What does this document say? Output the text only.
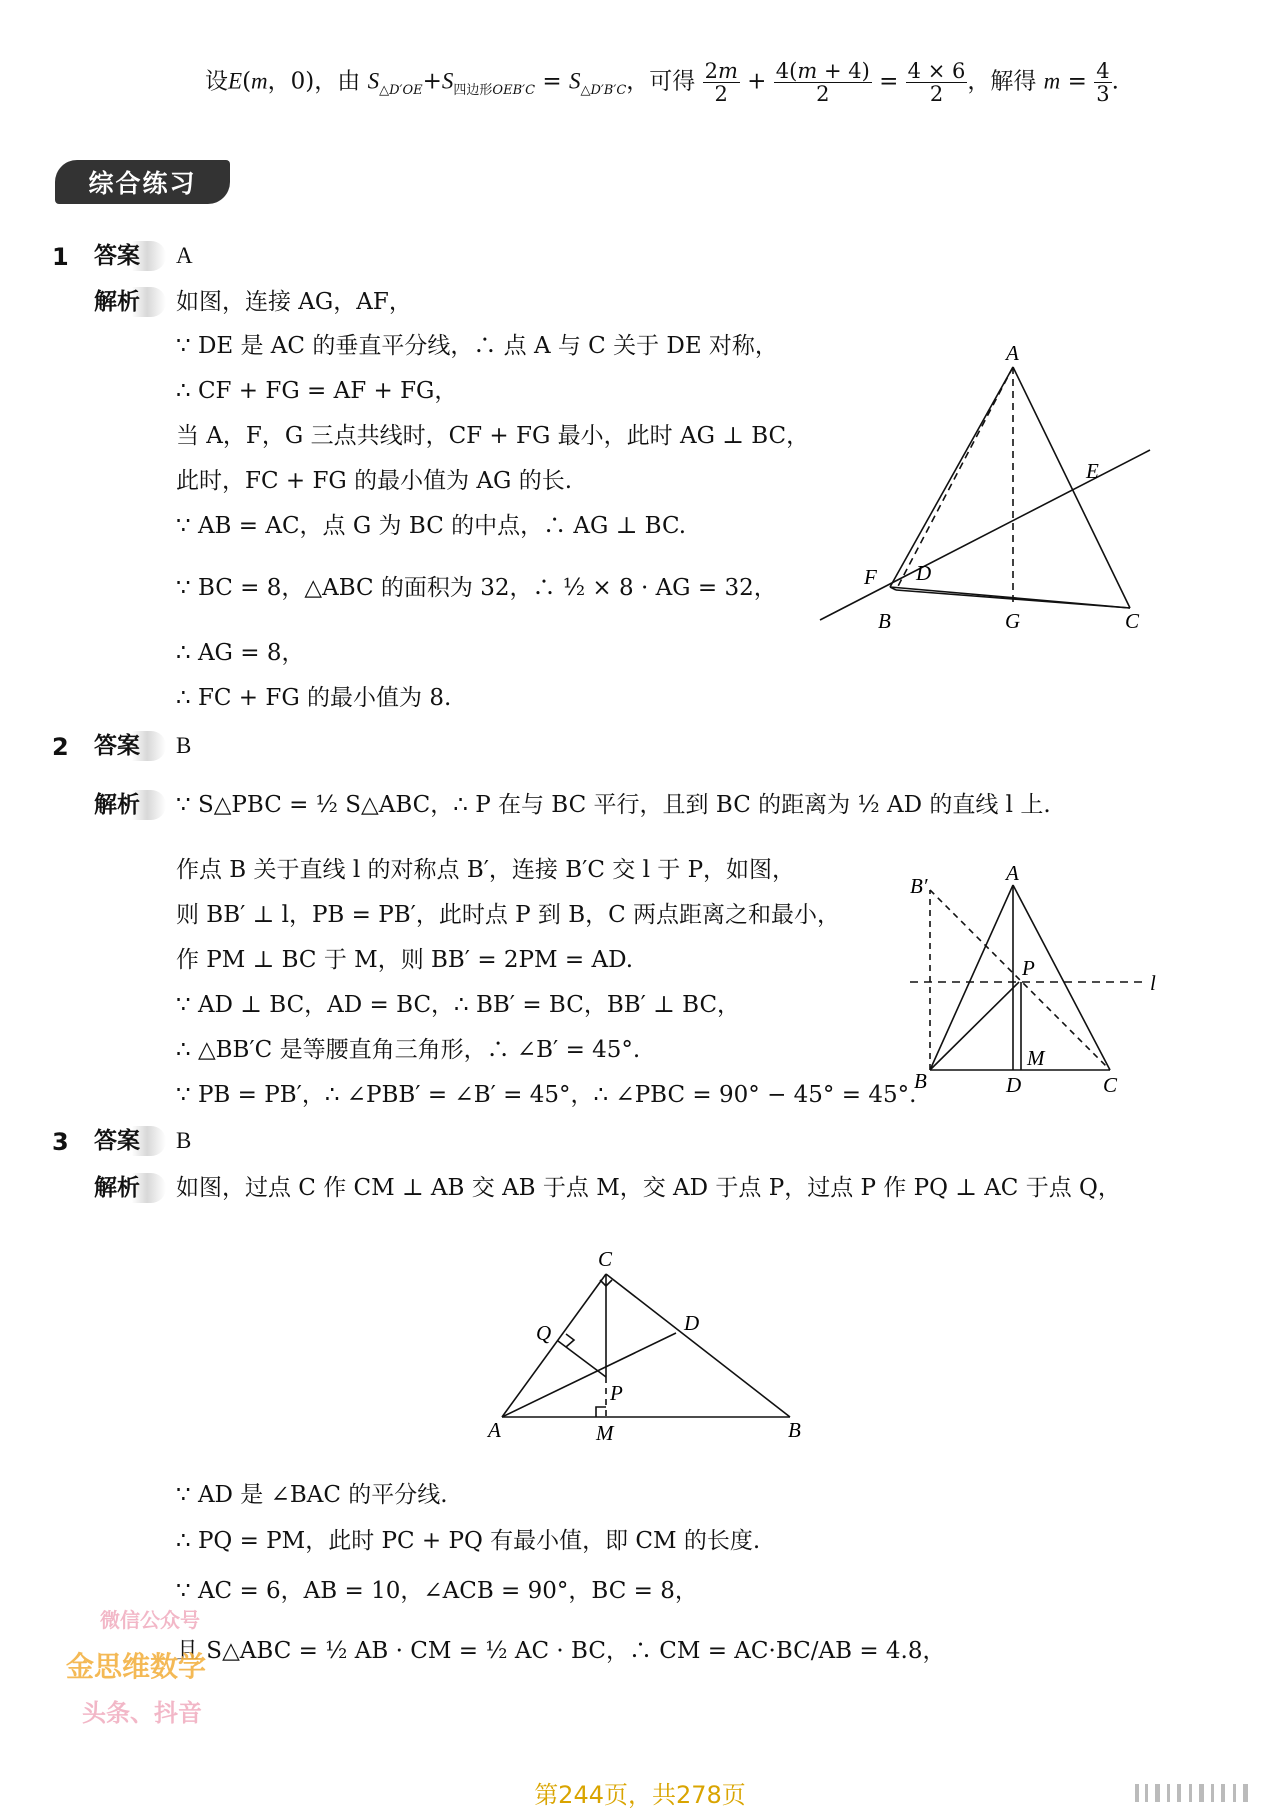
设E(m，0)，由 $S_{\triangle D'OE}+S_{四边形OEB'C} = S_{\triangle D'B'C}$，可得 $\frac{2m}{2} + \frac{4(m + 4)}{2} = \frac{4 \times 6}{2}$ ，解得 $m = \frac{4}{3}$ .
综合练习
1 答案	A
解析	如图，连接 AG，AF，
∵ DE 是 AC 的垂直平分线，∴ 点 A 与 C 关于 DE 对称，
∴ CF + FG = AF + FG，
当 A，F，G 三点共线时，CF + FG 最小，此时 AG ⊥ BC，
此时，FC + FG 的最小值为 AG 的长.
∵ AB = AC，点 G 为 BC 的中点，∴ AG ⊥ BC.
∵ BC = 8，△ABC 的面积为 32，∴ ½ × 8 · AG = 32，
∴ AG = 8，
∴ FC + FG 的最小值为 8.
A
E
F D
B	G	C
2 答案	B
解析	∵ S△PBC = ½ S△ABC，∴ P 在与 BC 平行，且到 BC 的距离为 ½ AD 的直线 l 上.
作点 B 关于直线 l 的对称点 B′，连接 B′C 交 l 于 P，如图，
则 BB′ ⊥ l，PB = PB′，此时点 P 到 B，C 两点距离之和最小，
作 PM ⊥ BC 于 M，则 BB′ = 2PM = AD.
∵ AD ⊥ BC，AD = BC，∴ BB′ = BC，BB′ ⊥ BC，
∴ △BB′C 是等腰直角三角形，∴ ∠B′ = 45°.
∵ PB = PB′，∴ ∠PBB′ = ∠B′ = 45°，∴ ∠PBC = 90° − 45° = 45°.
B′
A
P
l
M
B	D	C
3 答案	B
解析	如图，过点 C 作 CM ⊥ AB 交 AB 于点 M，交 AD 于点 P，过点 P 作 PQ ⊥ AC 于点 Q，
C
Q	D
P
A	M	B
∵ AD 是 ∠BAC 的平分线.
∴ PQ = PM，此时 PC + PQ 有最小值，即 CM 的长度.
∵ AC = 6，AB = 10，∠ACB = 90°，BC = 8，
且 S△ABC = ½ AB · CM = ½ AC · BC，∴ CM = AC·BC/AB = 4.8，
微信公众号
金思维数学
头条、抖音
第244页，共278页
